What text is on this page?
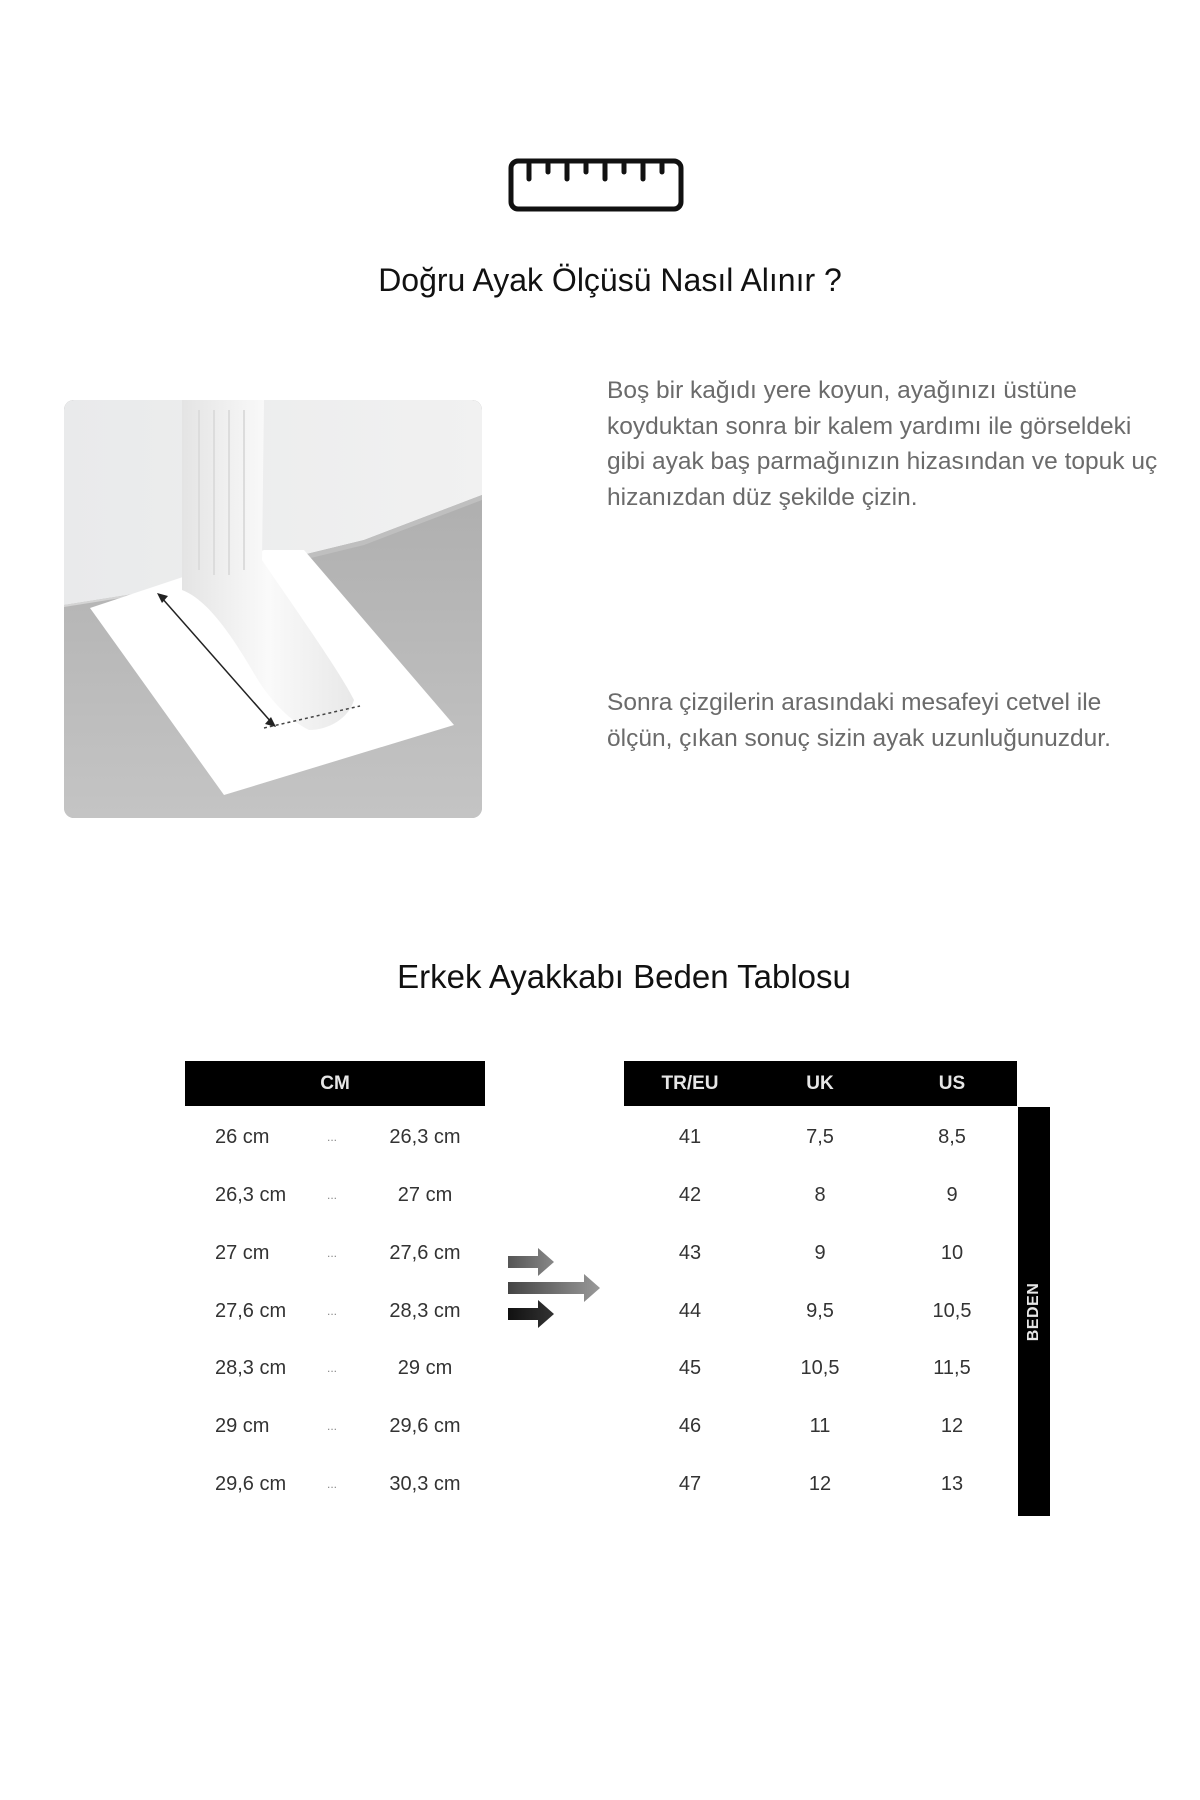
Doğru Ayak Ölçüsü Nasıl Alınır ?

Boş bir kağıdı yere koyun, ayağınızı üstüne koyduktan sonra bir kalem yardımı ile görseldeki gibi ayak baş parmağınızın hizasından ve topuk uç hizanızdan düz şekilde çizin.

Sonra çizgilerin arasındaki mesafeyi cetvel ile ölçün, çıkan sonuç sizin ayak uzunluğunuzdur.

Erkek Ayakkabı Beden Tablosu
CM	TR/EU	UK	US
BEDEN
26 cm	...	26,3 cm	41	7,5	8,5
26,3 cm	...	27 cm	42	8	9
27 cm	...	27,6 cm	43	9	10
27,6 cm	...	28,3 cm	44	9,5	10,5
28,3 cm	...	29 cm	45	10,5	11,5
29 cm	...	29,6 cm	46	11	12
29,6 cm	...	30,3 cm	47	12	13
